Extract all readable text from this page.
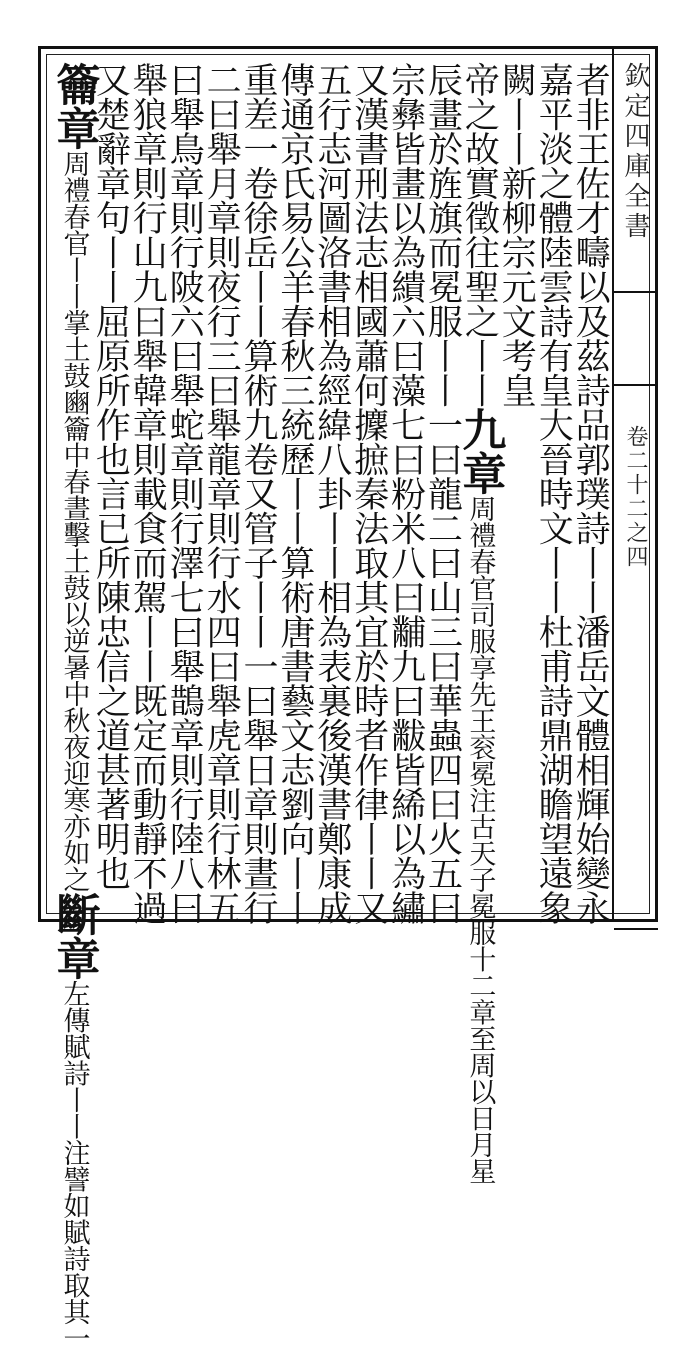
欽定四庫全書
卷二十二之四
者非王佐才疇以及茲詩品郭璞詩丨丨潘岳文體相輝始變永
嘉平淡之體陸雲詩有皇大晉時文丨丨杜甫詩鼎湖瞻望遠象
闕丨丨新柳宗元文考皇
帝之故實徵往聖之丨丨九章周禮春官司服享先王衮冕注古天子冕服十二章至周以日月星
辰畫於旌旗而冕服丨丨一曰龍二曰山三曰華蟲四曰火五曰
宗彝皆畫以為繢六曰藻七曰粉米八曰黼九曰黻皆絺以為繡
又漢書刑法志相國蕭何攈摭秦法取其宜於時者作律丨丨又
五行志河圖洛書相為經緯八卦丨丨相為表裏後漢書鄭康成
傳通京氏易公羊春秋三統歷丨丨算術唐書藝文志劉向丨丨
重差一卷徐岳丨丨算術九卷又管子丨丨一曰舉日章則晝行
二曰舉月章則夜行三曰舉龍章則行水四曰舉虎章則行林五
曰舉鳥章則行陂六曰舉蛇章則行澤七曰舉鵲章則行陸八曰
舉狼章則行山九曰舉韓章則載食而駕丨丨既定而動靜不過
又楚辭章句丨丨屈原所作也言已所陳忠信之道甚著明也
籥章周禮春官丨丨掌土鼓豳籥中春晝擊土鼓以逆暑中秋夜迎寒亦如之斷章左傳賦詩丨丨注譬如賦詩取其一
